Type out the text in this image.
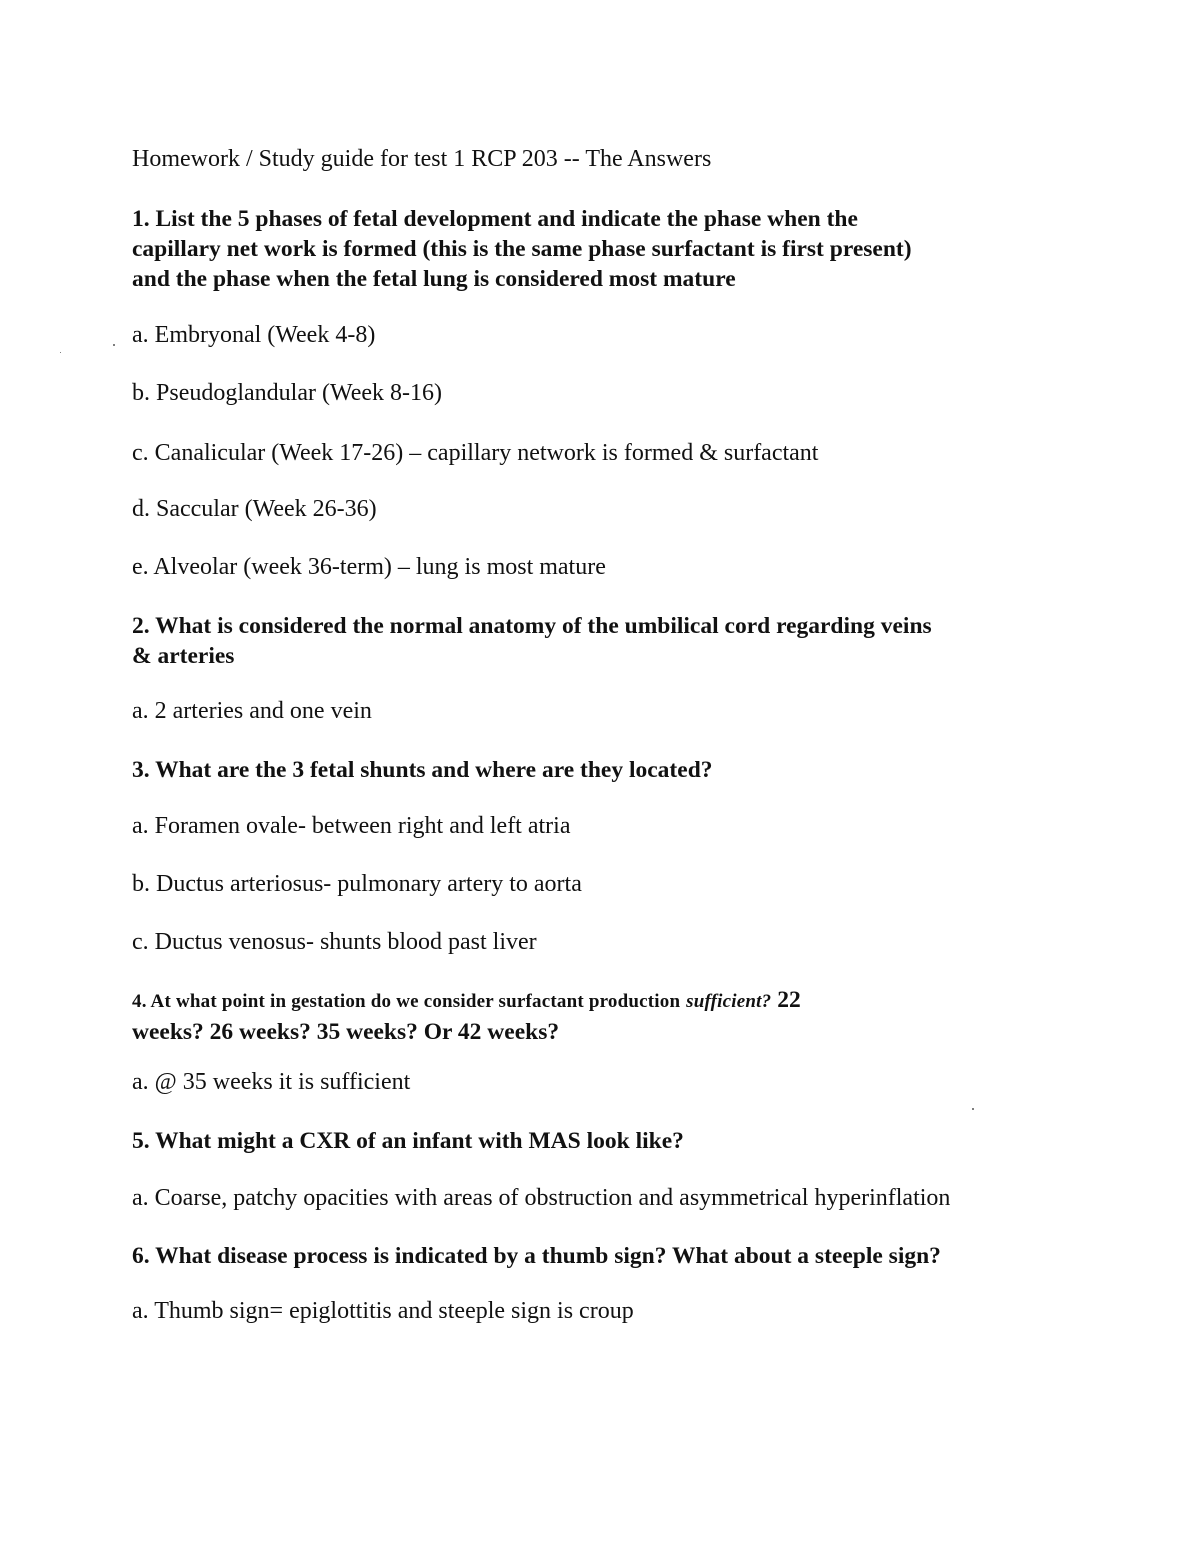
Homework / Study guide for test 1 RCP 203 -- The Answers
1. List the 5 phases of fetal development and indicate the phase when the
capillary net work is formed (this is the same phase surfactant is first present)
and the phase when the fetal lung is considered most mature
a. Embryonal (Week 4-8)
b. Pseudoglandular (Week 8-16)
c. Canalicular (Week 17-26) – capillary network is formed & surfactant
d. Saccular (Week 26-36)
e. Alveolar (week 36-term) – lung is most mature
2. What is considered the normal anatomy of the umbilical cord regarding veins
& arteries
a. 2 arteries and one vein
3. What are the 3 fetal shunts and where are they located?
a. Foramen ovale- between right and left atria
b. Ductus arteriosus- pulmonary artery to aorta
c. Ductus venosus- shunts blood past liver
4. At what point in gestation do we consider surfactant production sufficient? 22
weeks? 26 weeks? 35 weeks? Or 42 weeks?
a. @ 35 weeks it is sufficient
5. What might a CXR of an infant with MAS look like?
a. Coarse, patchy opacities with areas of obstruction and asymmetrical hyperinflation
6. What disease process is indicated by a thumb sign? What about a steeple sign?
a. Thumb sign= epiglottitis and steeple sign is croup
